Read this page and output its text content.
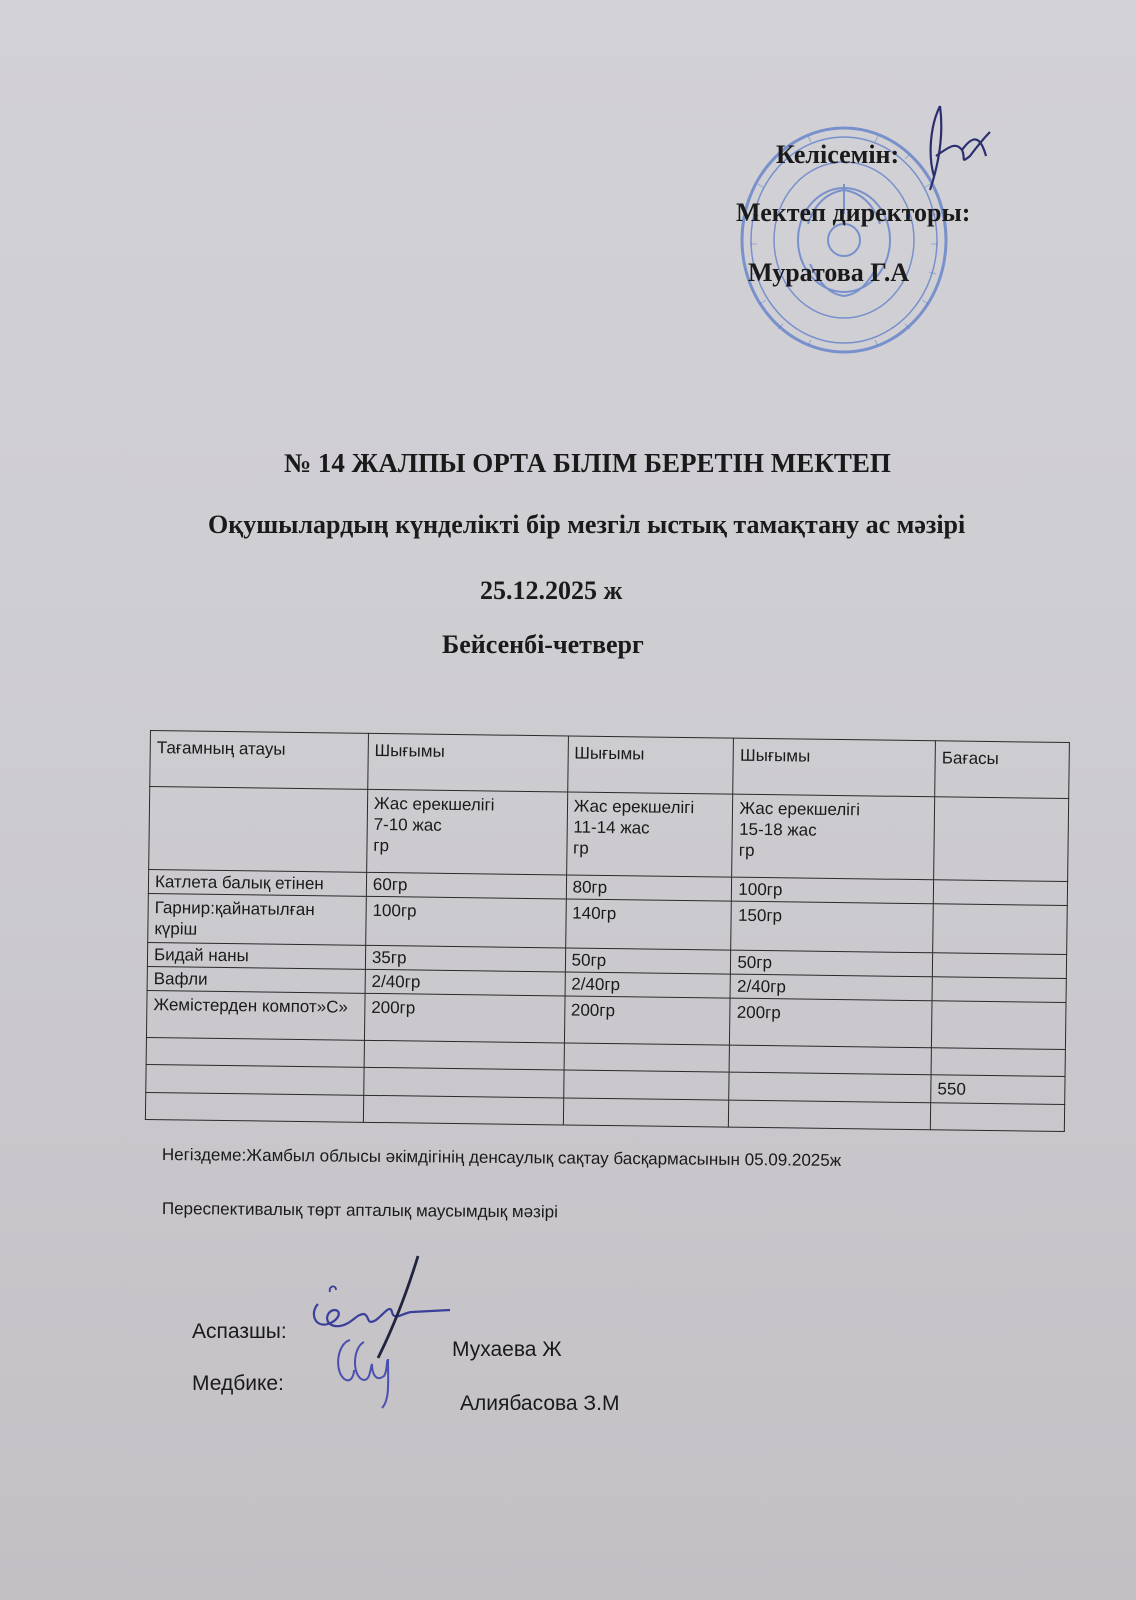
Келісемін:
Мектеп директоры:
Муратова Г.А
№ 14 ЖАЛПЫ ОРТА БІЛІМ БЕРЕТІН МЕКТЕП
Оқушылардың күнделікті бір мезгіл ыстық тамақтану ас мәзірі
25.12.2025 ж
Бейсенбі-четверг
Тағамның атауы	Шығымы	Шығымы	Шығымы	Бағасы

	Жас ерекшелігі
7-10 жас
гр	Жас ерекшелігі
11-14 жас
гр	Жас ерекшелігі
15-18 жас
гр	

Катлета балық етінен	60гр	80гр	100гр	
Гарнир:қайнатылған күріш	100гр	140гр	150гр	
Бидай наны	35гр	50гр	50гр	
Вафли	2/40гр	2/40гр	2/40гр	
Жемістерден компот»С»	200гр	200гр	200гр	

				550

Негіздеме:Жамбыл облысы әкімдігінің денсаулық сақтау басқармасынын 05.09.2025ж
Переспективалық төрт апталық маусымдық мәзірі
Аспазшы:
Мухаева Ж
Медбике:
Алиябасова З.М
